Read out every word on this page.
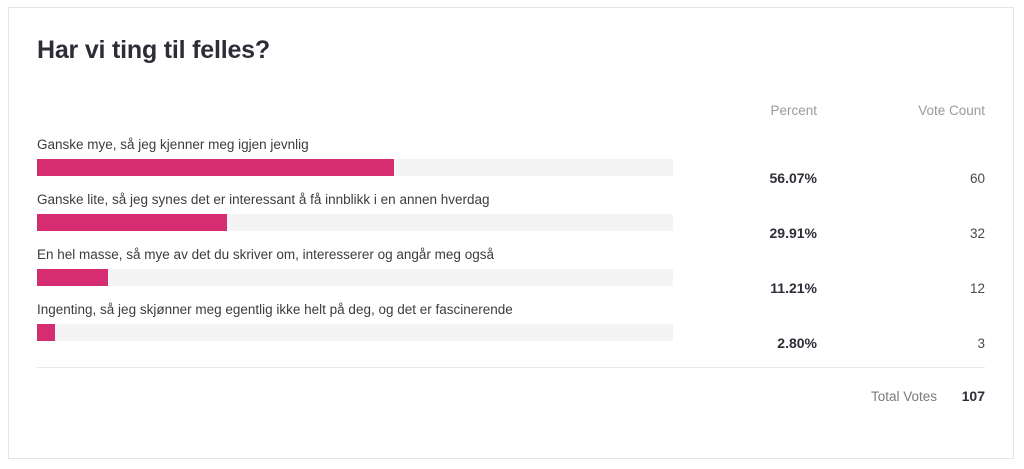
Har vi ting til felles?
Percent	Vote Count
Ganske mye, så jeg kjenner meg igjen jevnlig
56.07%	60
Ganske lite, så jeg synes det er interessant å få innblikk i en annen hverdag
29.91%	32
En hel masse, så mye av det du skriver om, interesserer og angår meg også
11.21%	12
Ingenting, så jeg skjønner meg egentlig ikke helt på deg, og det er fascinerende
2.80%	3
Total Votes	107
